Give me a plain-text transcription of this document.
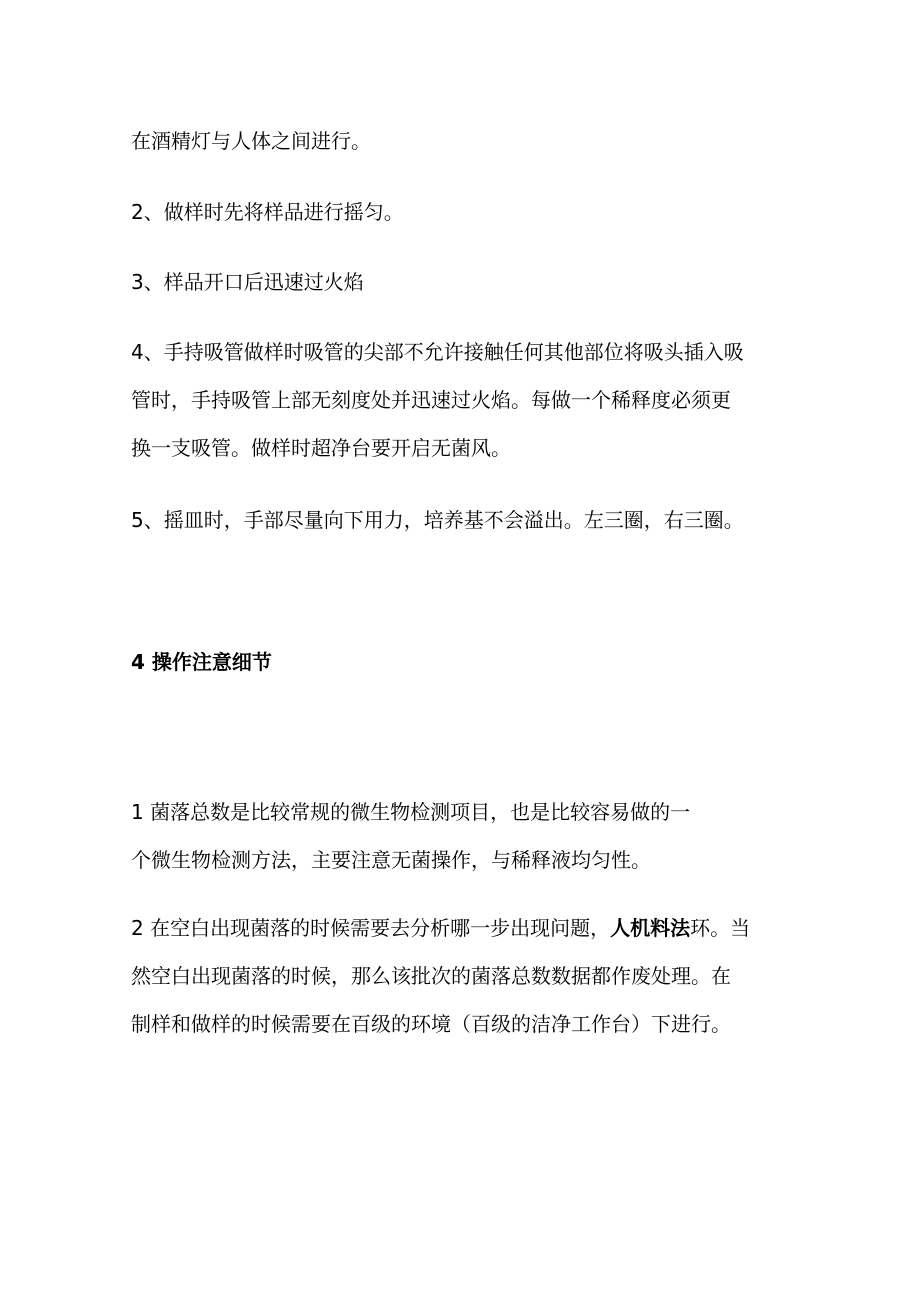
在酒精灯与人体之间进行。
2、做样时先将样品进行摇匀。
3、样品开口后迅速过火焰
4、手持吸管做样时吸管的尖部不允许接触任何其他部位将吸头插入吸
管时，手持吸管上部无刻度处并迅速过火焰。每做一个稀释度必须更
换一支吸管。做样时超净台要开启无菌风。
5、摇皿时，手部尽量向下用力，培养基不会溢出。左三圈，右三圈。
4 操作注意细节
1 菌落总数是比较常规的微生物检测项目，也是比较容易做的一
个微生物检测方法，主要注意无菌操作，与稀释液均匀性。
2 在空白出现菌落的时候需要去分析哪一步出现问题，人机料法环。当
然空白出现菌落的时候，那么该批次的菌落总数数据都作废处理。在
制样和做样的时候需要在百级的环境（百级的洁净工作台）下进行。
